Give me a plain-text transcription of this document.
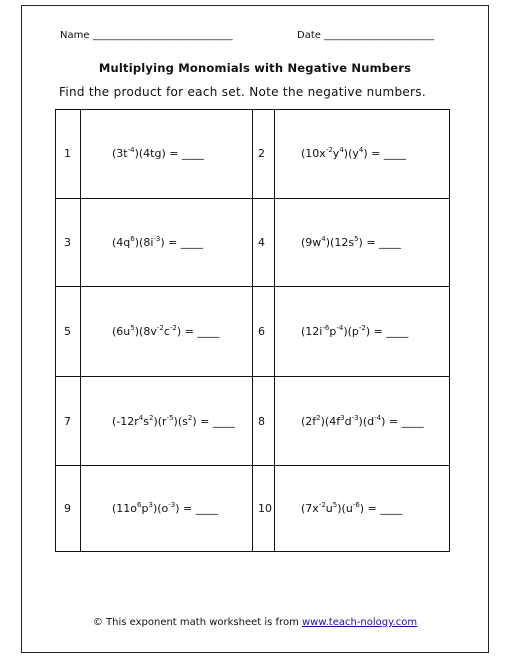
Name ____________________________	Date ______________________
Multiplying Monomials with Negative Numbers
Find the product for each set. Note the negative numbers.
1	$(3t^{-4})(4tg)$ = ____	2	$(10x^{-2}y^4)(y^4)$ = ____
3	$(4q^6)(8i^{-3})$ = ____	4	$(9w^4)(12s^5)$ = ____
5	$(6u^5)(8v^{-2}c^{-2})$ = ____	6	$(12i^{-6}p^{-4})(p^{-2})$ = ____
7	$(-12r^4s^2)(r^{-5})(s^2)$ = ____ 8	$(2f^2)(4f^3d^{-3})(d^{-4})$ = ____
9	$(11o^6p^3)(o^{-3})$ = ____	10	$(7x^{-2}u^5)(u^{-6})$ = ____
© This exponent math worksheet is from www.teach-nology.com
